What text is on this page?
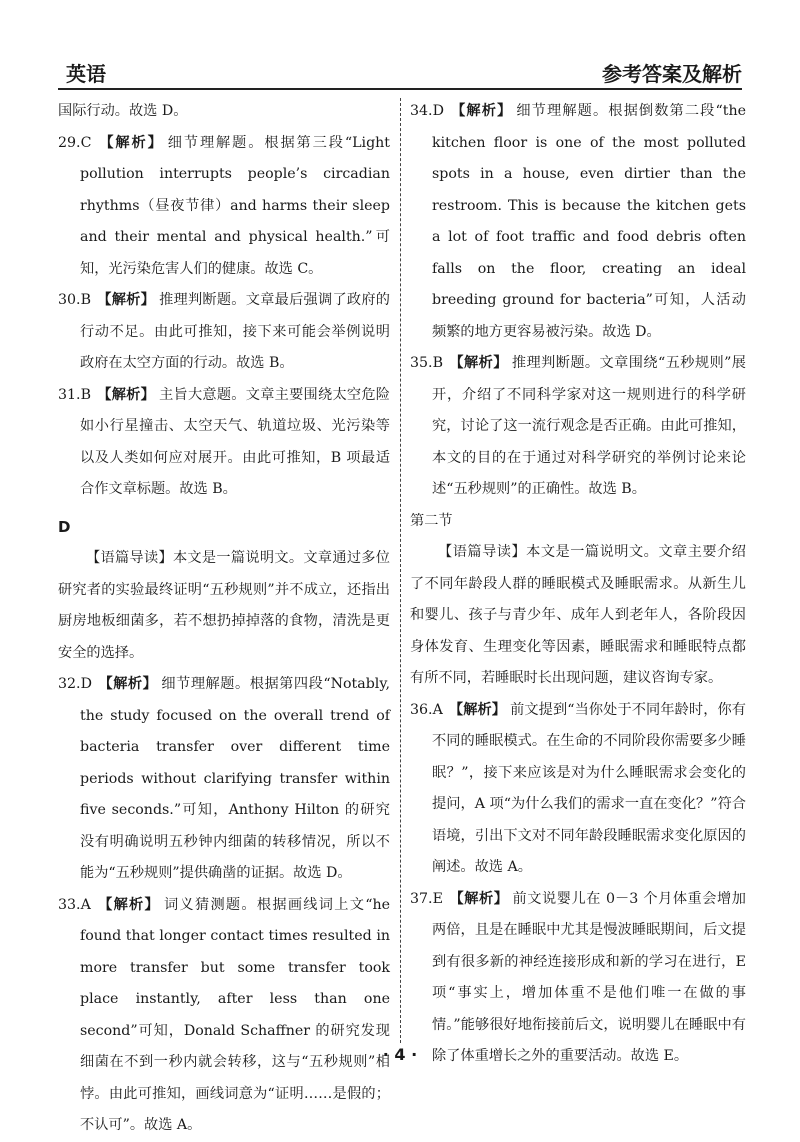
英语	参考答案及解析

国际行动。故选 D。

29.C 【解析】 细节理解题。根据第三段“Light pollution interrupts people’s circadian rhythms（昼夜节律）and harms their sleep and their mental and physical health.”可知，光污染危害人们的健康。故选 C。

30.B 【解析】 推理判断题。文章最后强调了政府的行动不足。由此可推知，接下来可能会举例说明政府在太空方面的行动。故选 B。

31.B 【解析】 主旨大意题。文章主要围绕太空危险如小行星撞击、太空天气、轨道垃圾、光污染等以及人类如何应对展开。由此可推知，B 项最适合作文章标题。故选 B。

D

【语篇导读】本文是一篇说明文。文章通过多位研究者的实验最终证明“五秒规则”并不成立，还指出厨房地板细菌多，若不想扔掉掉落的食物，清洗是更安全的选择。

32.D 【解析】 细节理解题。根据第四段“Notably, the study focused on the overall trend of bacteria transfer over different time periods without clarifying transfer within five seconds.”可知，Anthony Hilton 的研究没有明确说明五秒钟内细菌的转移情况，所以不能为“五秒规则”提供确凿的证据。故选 D。

33.A 【解析】 词义猜测题。根据画线词上文“he found that longer contact times resulted in more transfer but some transfer took place instantly, after less than one second”可知，Donald Schaffner 的研究发现细菌在不到一秒内就会转移，这与“五秒规则”相悖。由此可推知，画线词意为“证明……是假的；不认可”。故选 A。

34.D 【解析】 细节理解题。根据倒数第二段“the kitchen floor is one of the most polluted spots in a house, even dirtier than the restroom. This is because the kitchen gets a lot of foot traffic and food debris often falls on the floor, creating an ideal breeding ground for bacteria”可知，人活动频繁的地方更容易被污染。故选 D。

35.B 【解析】 推理判断题。文章围绕“五秒规则”展开，介绍了不同科学家对这一规则进行的科学研究，讨论了这一流行观念是否正确。由此可推知，本文的目的在于通过对科学研究的举例讨论来论述“五秒规则”的正确性。故选 B。

第二节

【语篇导读】本文是一篇说明文。文章主要介绍了不同年龄段人群的睡眠模式及睡眠需求。从新生儿和婴儿、孩子与青少年、成年人到老年人，各阶段因身体发育、生理变化等因素，睡眠需求和睡眠特点都有所不同，若睡眠时长出现问题，建议咨询专家。

36.A 【解析】 前文提到“当你处于不同年龄时，你有不同的睡眠模式。在生命的不同阶段你需要多少睡眠？”，接下来应该是对为什么睡眠需求会变化的提问，A 项“为什么我们的需求一直在变化？”符合语境，引出下文对不同年龄段睡眠需求变化原因的阐述。故选 A。

37.E 【解析】 前文说婴儿在 0－3 个月体重会增加两倍，且是在睡眠中尤其是慢波睡眠期间，后文提到有很多新的神经连接形成和新的学习在进行，E 项“事实上，增加体重不是他们唯一在做的事情。”能够很好地衔接前后文，说明婴儿在睡眠中有除了体重增长之外的重要活动。故选 E。

· 4 ·
